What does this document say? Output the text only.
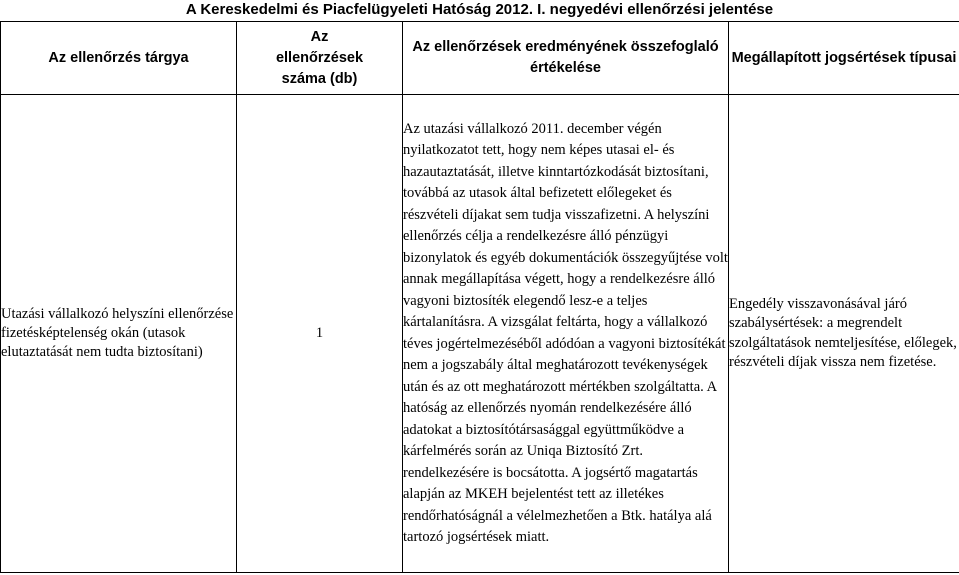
A Kereskedelmi és Piacfelügyeleti Hatóság 2012. I. negyedévi ellenőrzési jelentése
Az ellenőrzés tárgya	Az ellenőrzések száma (db)	Az ellenőrzések eredményének összefoglaló értékelése	Megállapított jogsértések típusai
Utazási vállalkozó helyszíni ellenőrzése fizetésképtelenség okán (utasok elutaztatását nem tudta biztosítani)	1	Az utazási vállalkozó 2011. december végén nyilatkozatot tett, hogy nem képes utasai el- és hazautaztatását, illetve kinntartózkodását biztosítani, továbbá az utasok által befizetett előlegeket és részvételi díjakat sem tudja visszafizetni. A helyszíni ellenőrzés célja a rendelkezésre álló pénzügyi bizonylatok és egyéb dokumentációk összegyűjtése volt annak megállapítása végett, hogy a rendelkezésre álló vagyoni biztosíték elegendő lesz-e a teljes kártalanításra. A vizsgálat feltárta, hogy a vállalkozó téves jogértelmezéséből adódóan a vagyoni biztosítékát nem a jogszabály által meghatározott tevékenységek után és az ott meghatározott mértékben szolgáltatta. A hatóság az ellenőrzés nyomán rendelkezésére álló adatokat a biztosítótársasággal együttműködve a kárfelmérés során az Uniqa Biztosító Zrt. rendelkezésére is bocsátotta. A jogsértő magatartás alapján az MKEH bejelentést tett az illetékes rendőrhatóságnál a vélelmezhetően a Btk. hatálya alá tartozó jogsértések miatt.	Engedély visszavonásával járó szabálysértések: a megrendelt szolgáltatások nemteljesítése, előlegek, részvételi díjak vissza nem fizetése.
